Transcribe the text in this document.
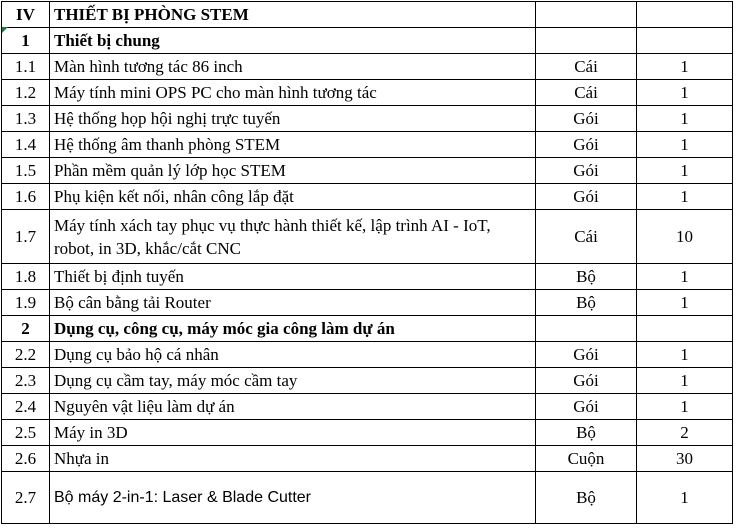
IV	THIẾT BỊ PHÒNG STEM		
1	Thiết bị chung		
1.1	Màn hình tương tác 86 inch	Cái	1
1.2	Máy tính mini OPS PC cho màn hình tương tác	Cái	1
1.3	Hệ thống họp hội nghị trực tuyến	Gói	1
1.4	Hệ thống âm thanh phòng STEM	Gói	1
1.5	Phần mềm quản lý lớp học STEM	Gói	1
1.6	Phụ kiện kết nối, nhân công lắp đặt	Gói	1
1.7	Máy tính xách tay phục vụ thực hành thiết kế, lập trình AI - IoT, robot, in 3D, khắc/cắt CNC	Cái	10
1.8	Thiết bị định tuyến	Bộ	1
1.9	Bộ cân bằng tải Router	Bộ	1
2	Dụng cụ, công cụ, máy móc gia công làm dự án		
2.2	Dụng cụ bảo hộ cá nhân	Gói	1
2.3	Dụng cụ cầm tay, máy móc cầm tay	Gói	1
2.4	Nguyên vật liệu làm dự án	Gói	1
2.5	Máy in 3D	Bộ	2
2.6	Nhựa in	Cuộn	30
2.7	Bộ máy 2-in-1: Laser & Blade Cutter	Bộ	1
